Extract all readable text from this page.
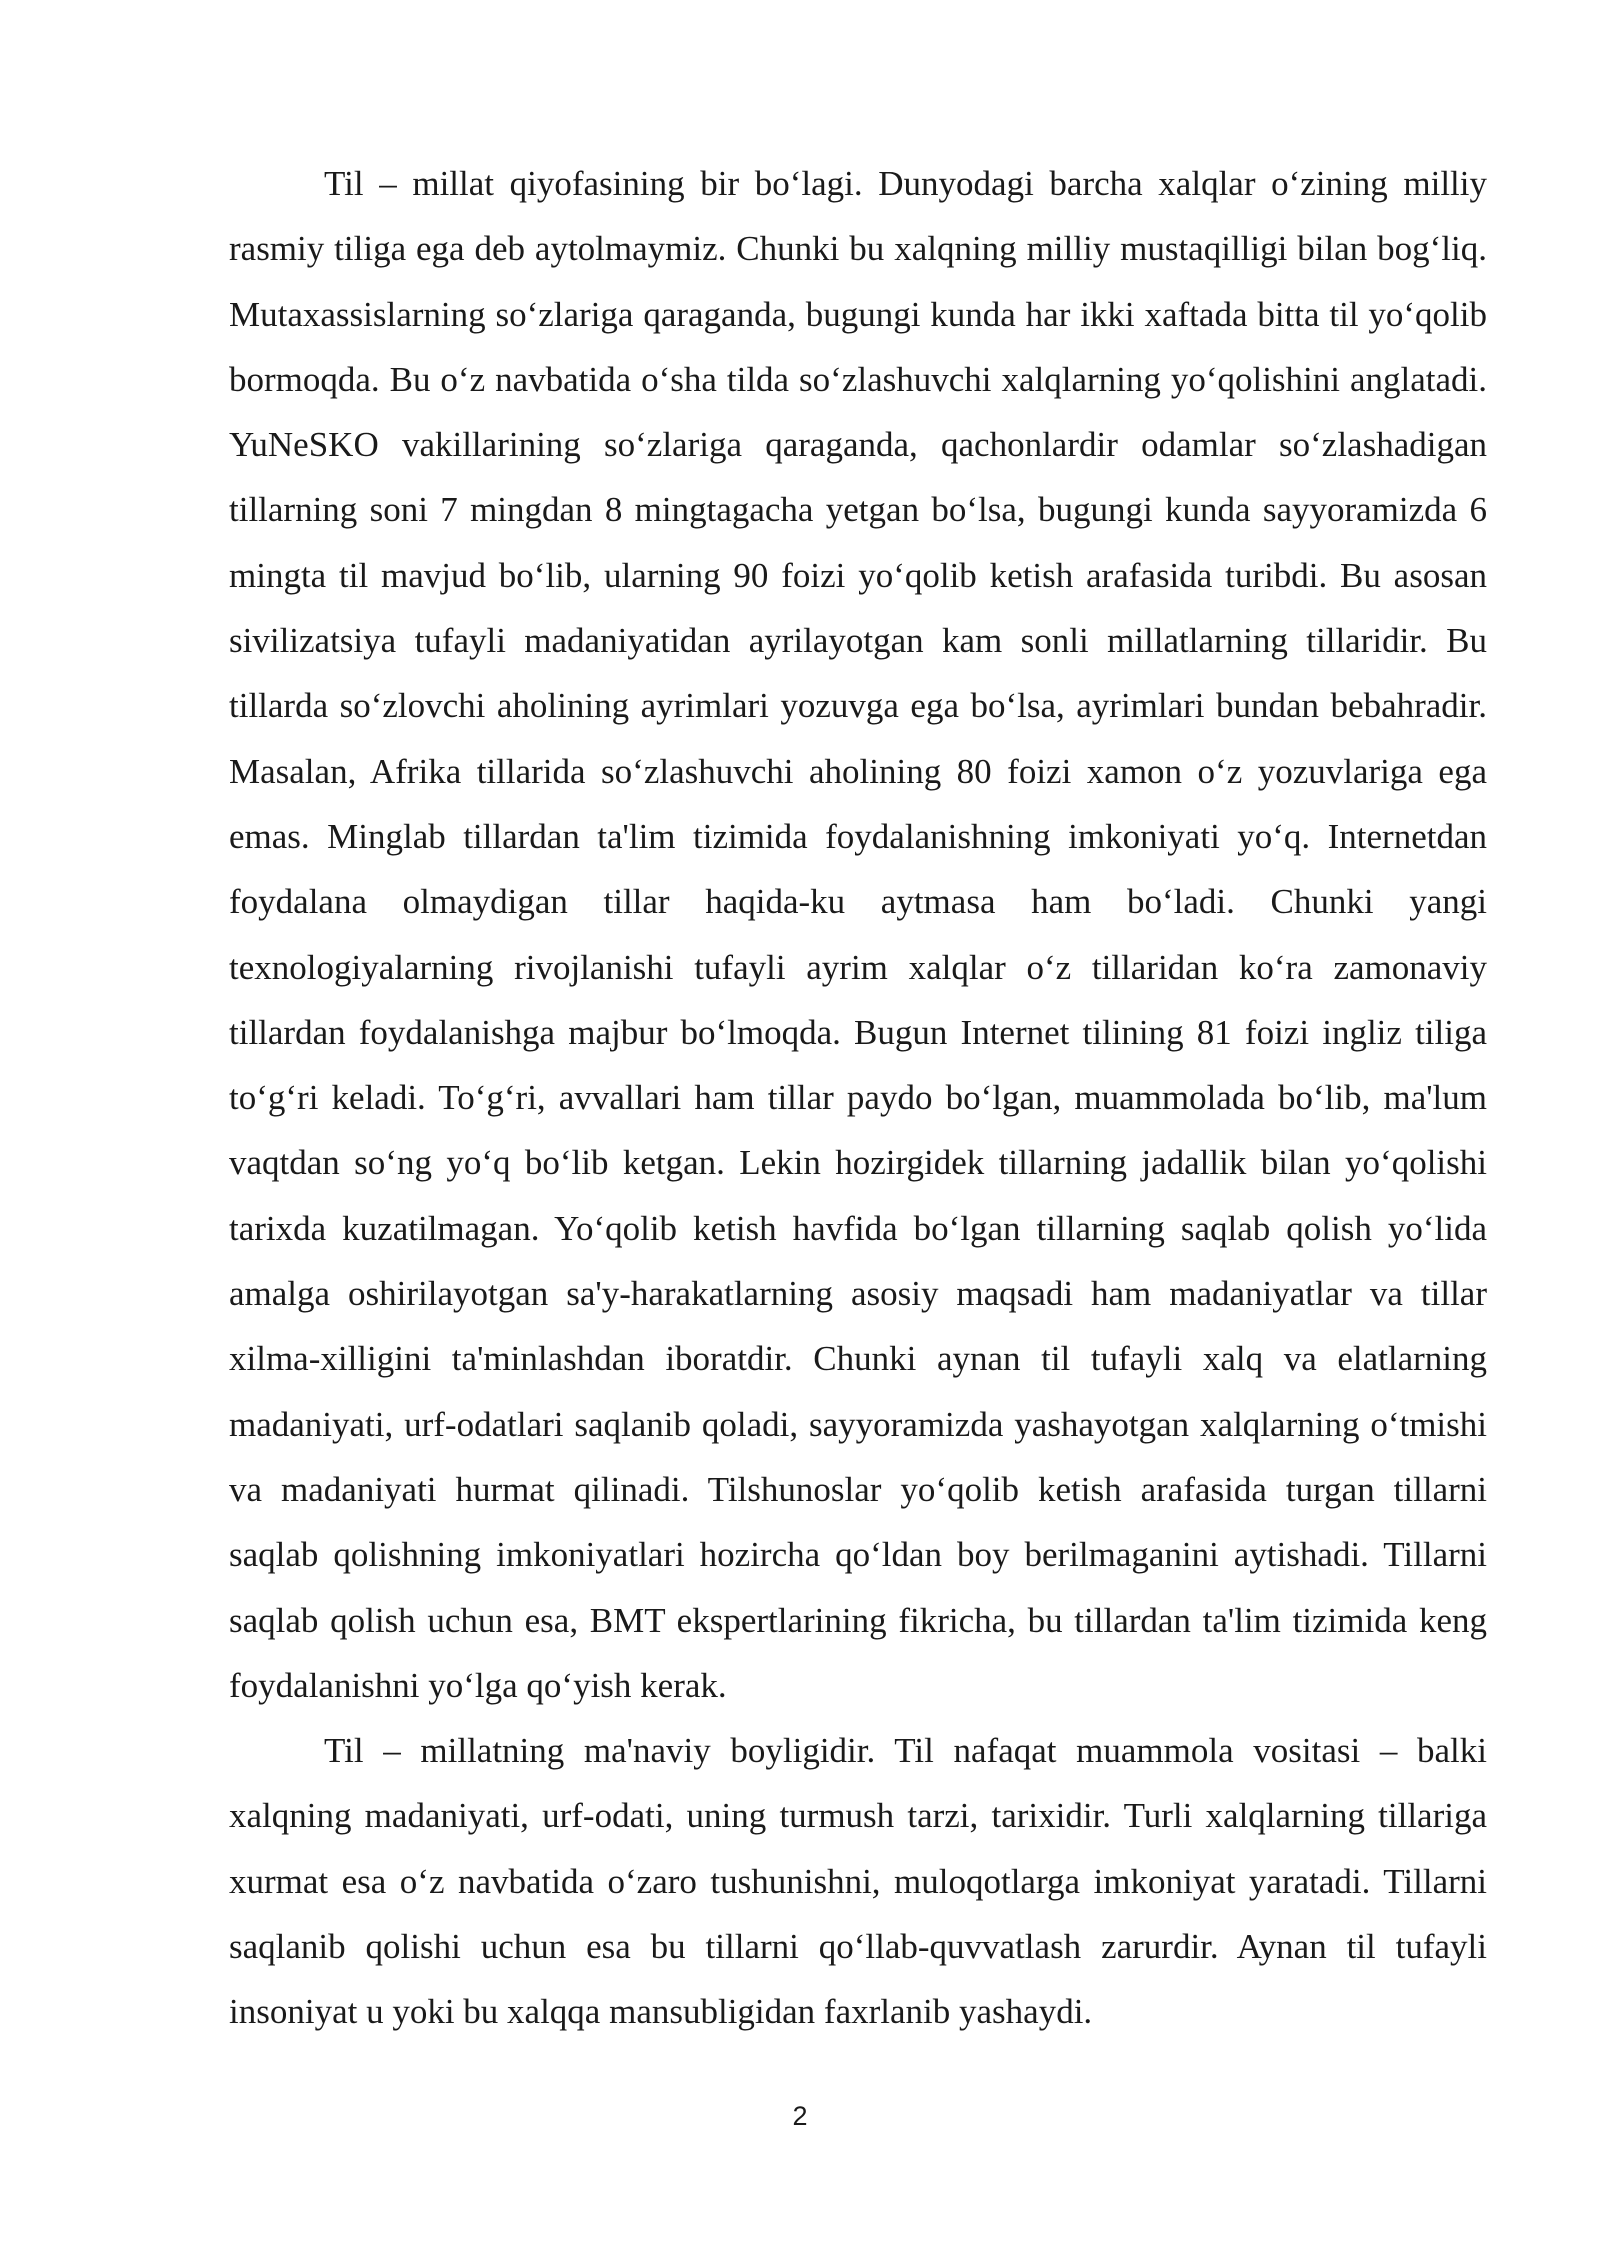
Til – millat qiyofasining bir bo‘lagi. Dunyodagi barcha xalqlar o‘zining milliy rasmiy tiliga ega deb aytolmaymiz. Chunki bu xalqning milliy mustaqilligi bilan bog‘liq. Mutaxassislarning so‘zlariga qaraganda, bugungi kunda har ikki xaftada bitta til yo‘qolib bormoqda. Bu o‘z navbatida o‘sha tilda so‘zlashuvchi xalqlarning yo‘qolishini anglatadi. YuNeSKO vakillarining so‘zlariga qaraganda, qachonlardir odamlar so‘zlashadigan tillarning soni 7 mingdan 8 mingtagacha yetgan bo‘lsa, bugungi kunda sayyoramizda 6 mingta til mavjud bo‘lib, ularning 90 foizi yo‘qolib ketish arafasida turibdi. Bu asosan sivilizatsiya tufayli madaniyatidan ayrilayotgan kam sonli millatlarning tillaridir. Bu tillarda so‘zlovchi aholining ayrimlari yozuvga ega bo‘lsa, ayrimlari bundan bebahradir. Masalan, Afrika tillarida so‘zlashuvchi aholining 80 foizi xamon o‘z yozuvlariga ega emas. Minglab tillardan ta'lim tizimida foydalanishning imkoniyati yo‘q. Internetdan foydalana olmaydigan tillar haqida-ku aytmasa ham bo‘ladi. Chunki yangi texnologiyalarning rivojlanishi tufayli ayrim xalqlar o‘z tillaridan ko‘ra zamonaviy tillardan foydalanishga majbur bo‘lmoqda. Bugun Internet tilining 81 foizi ingliz tiliga to‘g‘ri keladi. To‘g‘ri, avvallari ham tillar paydo bo‘lgan, muammolada bo‘lib, ma'lum vaqtdan so‘ng yo‘q bo‘lib ketgan. Lekin hozirgidek tillarning jadallik bilan yo‘qolishi tarixda kuzatilmagan. Yo‘qolib ketish havfida bo‘lgan tillarning saqlab qolish yo‘lida amalga oshirilayotgan sa'y-harakatlarning asosiy maqsadi ham madaniyatlar va tillar xilma-xilligini ta'minlashdan iboratdir. Chunki aynan til tufayli xalq va elatlarning madaniyati, urf-odatlari saqlanib qoladi, sayyoramizda yashayotgan xalqlarning o‘tmishi va madaniyati hurmat qilinadi. Tilshunoslar yo‘qolib ketish arafasida turgan tillarni saqlab qolishning imkoniyatlari hozircha qo‘ldan boy berilmaganini aytishadi. Tillarni saqlab qolish uchun esa, BMT ekspertlarining fikricha, bu tillardan ta'lim tizimida keng foydalanishni yo‘lga qo‘yish kerak.

Til – millatning ma'naviy boyligidir. Til nafaqat muammola vositasi – balki xalqning madaniyati, urf-odati, uning turmush tarzi, tarixidir. Turli xalqlarning tillariga xurmat esa o‘z navbatida o‘zaro tushunishni, muloqotlarga imkoniyat yaratadi. Tillarni saqlanib qolishi uchun esa bu tillarni qo‘llab-quvvatlash zarurdir. Aynan til tufayli insoniyat u yoki bu xalqqa mansubligidan faxrlanib yashaydi.

2
